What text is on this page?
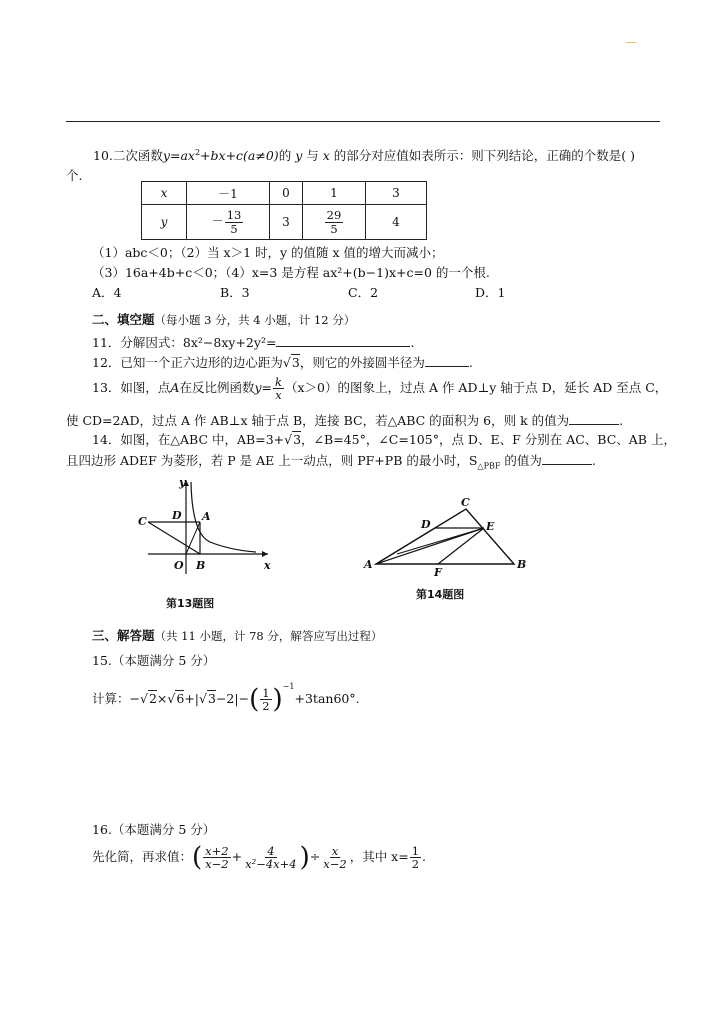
10.二次函数$y=ax^2+bx+c(a\ne 0)$的 y 与 x 的部分对应值如表所示：则下列结论，正确的个数是( )
个.
x	－1	0	1	3
y	－ $\frac{13}{5}$	3	$\frac{29}{5}$	4
（1）abc＜0；（2）当 x＞1 时，y 的值随 x 值的增大而减小；
（3）16a+4b+c＜0；（4）x=3 是方程 ax²+(b−1)x+c=0 的一个根.
A．4	B．3	C．2	D．1
二、填空题（每小题 3 分，共 4 小题，计 12 分）
11．分解因式：8x²−8xy+2y²=	.
12．已知一个正六边形的边心距为√3，则它的外接圆半径为	.
13．如图，点A在反比例函数$y= \frac{k}{x} (x>0)$的图象上，过点 A 作 AD⊥y 轴于点 D，延长 AD 至点 C，
使 CD=2AD，过点 A 作 AB⊥x 轴于点 B，连接 BC，若△ABC 的面积为 6，则 k 的值为	.
14．如图，在△ABC 中，AB=3+√3，∠B=45°，∠C=105°，点 D、E、F 分别在 AC、BC、AB 上，
且四边形 ADEF 为菱形，若 P 是 AE 上一动点，则 PF+PB 的最小时，$S_{\triangle PBF}$ 的值为	.
C D A
O B	x
y
第13题图
A	B
C
D	E
F
第14题图
三、解答题（共 11 小题，计 78 分，解答应写出过程）
15.（本题满分 5 分）
计算：$-√2\times√6+|√3-2|-( \frac{1}{2} )^{-1}+3\tan 60^\circ$.
16.（本题满分 5 分）
先化简，再求值：( $\frac{x+2}{x-2} + \frac{4}{\text{x²−4x+4}}$ )÷ $\frac{x}{x-2}$ ，其中 $x= \frac{1}{2}$ .
